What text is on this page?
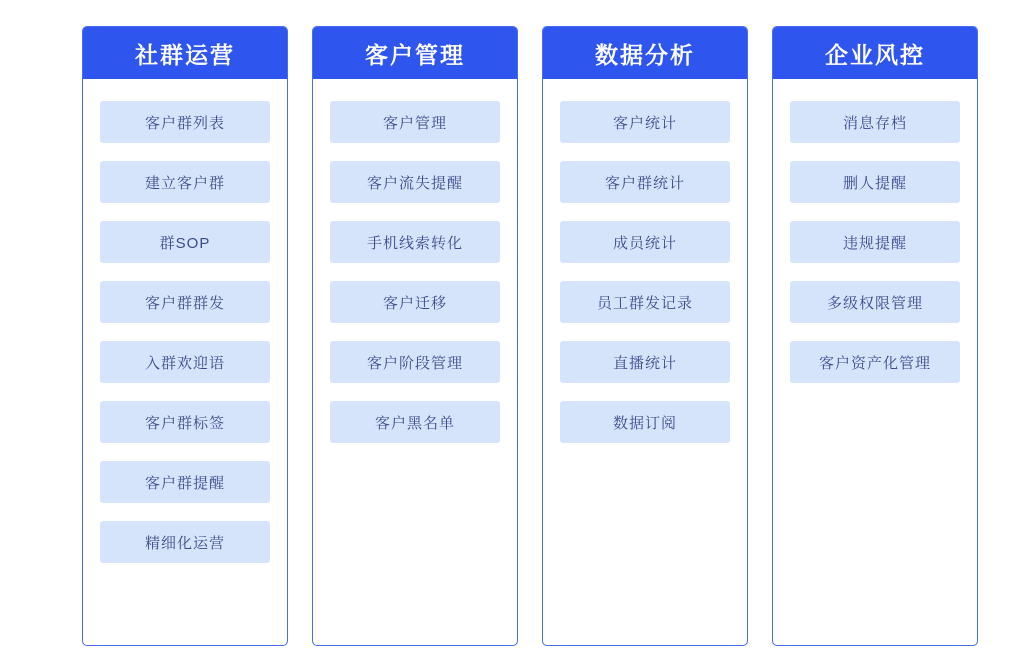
社群运营
客户群列表
建立客户群
群SOP
客户群群发
入群欢迎语
客户群标签
客户群提醒
精细化运营
客户管理
客户管理
客户流失提醒
手机线索转化
客户迁移
客户阶段管理
客户黑名单
数据分析
客户统计
客户群统计
成员统计
员工群发记录
直播统计
数据订阅
企业风控
消息存档
删人提醒
违规提醒
多级权限管理
客户资产化管理
